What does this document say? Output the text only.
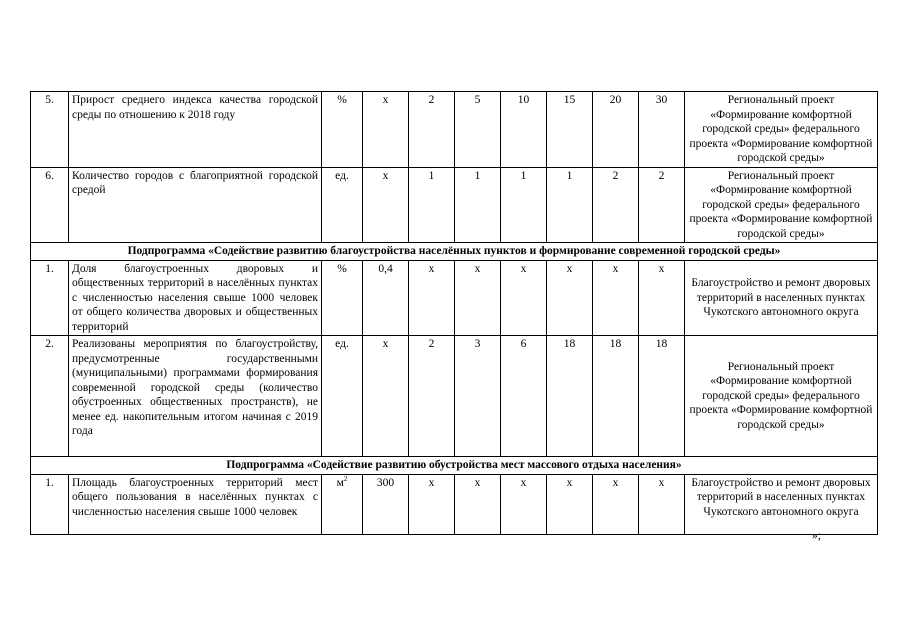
5.	Прирост среднего индекса качества городской среды по отношению к 2018 году	%	х	2	5	10	15	20	30	Региональный проект «Формирование комфортной городской среды» федерального проекта «Формирование комфортной городской среды»
6.	Количество городов с благоприятной городской средой	ед.	х	1	1	1	1	2	2	Региональный проект «Формирование комфортной городской среды» федерального проекта «Формирование комфортной городской среды»
Подпрограмма «Содействие развитию благоустройства населённых пунктов и формирование современной городской среды»										
1.	Доля благоустроенных дворовых и общественных территорий в населённых пунктах с численностью населения свыше 1000 человек от общего количества дворовых и общественных территорий	%	0,4	х	х	х	х	х	х	Благоустройство и ремонт дворовых территорий в населенных пунктах Чукотского автономного округа
2.	Реализованы мероприятия по благоустройству, предусмотренные государственными (муниципальными) программами формирования современной городской среды (количество обустроенных общественных пространств), не менее ед. накопительным итогом начиная с 2019 года	ед.	х	2	3	6	18	18	18	Региональный проект «Формирование комфортной городской среды» федерального проекта «Формирование комфортной городской среды»
Подпрограмма «Содействие развитию обустройства мест массового отдыха населения»										
1.	Площадь благоустроенных территорий мест общего пользования в населённых пунктах с численностью населения свыше 1000 человек	$м^2$	300	х	х	х	х	х	х	Благоустройство и ремонт дворовых территорий в населенных пунктах Чукотского автономного округа
»;
